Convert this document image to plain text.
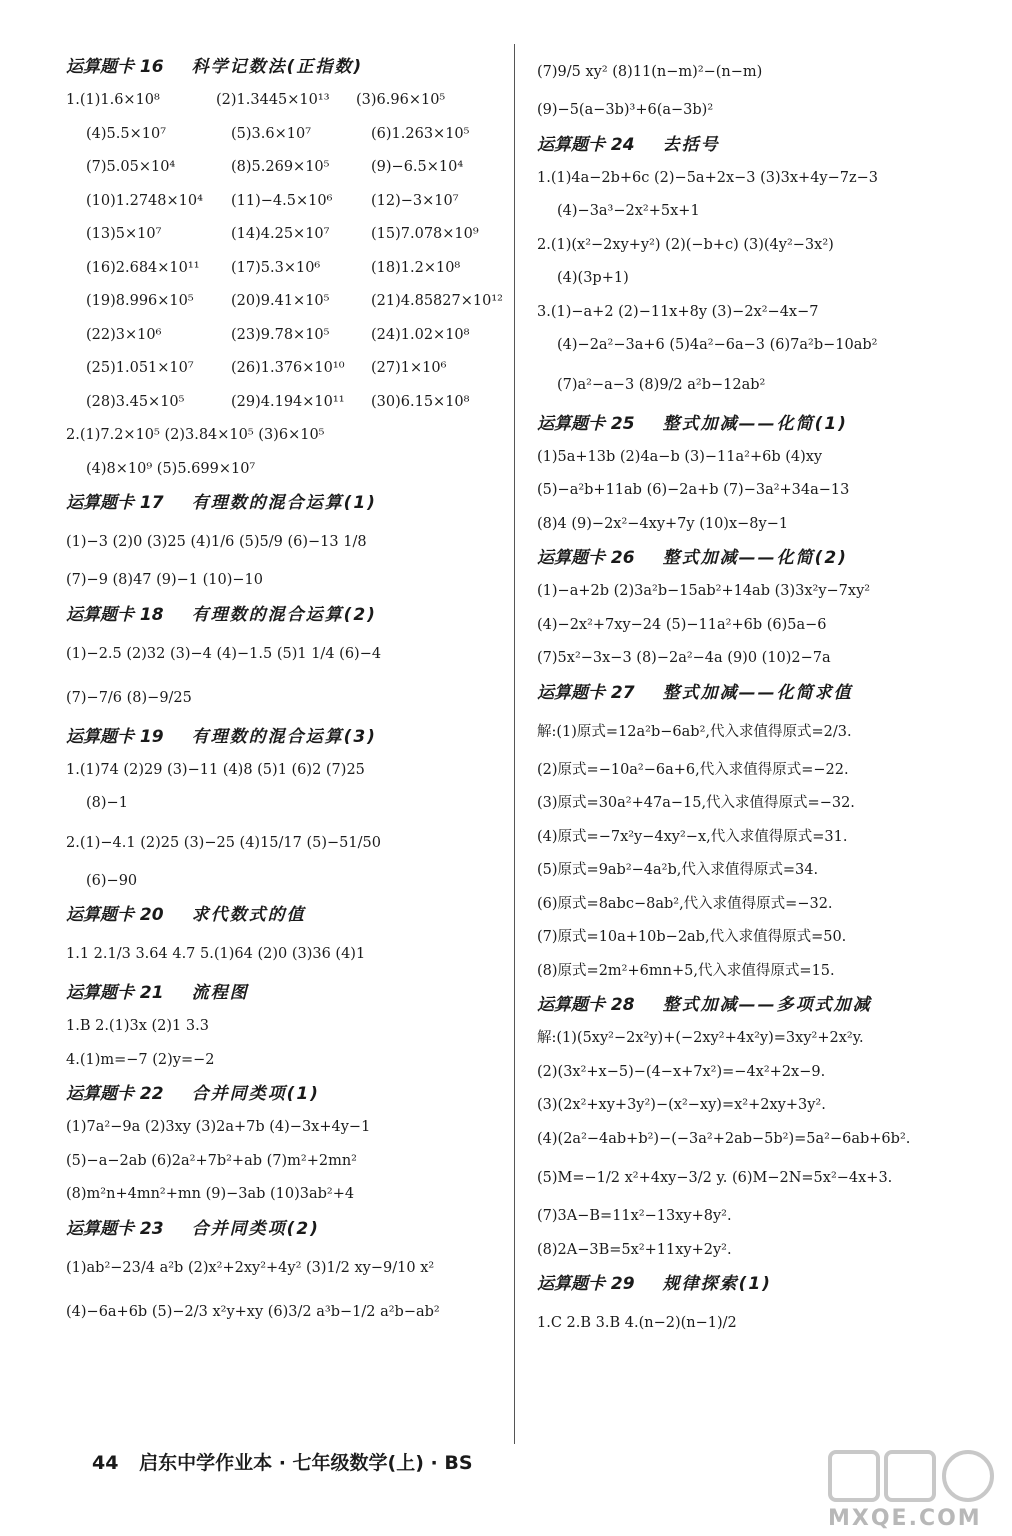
运算题卡 16 科学记数法(正指数)
1.(1)1.6×10⁸	(2)1.3445×10¹³ (3)6.96×10⁵
(4)5.5×10⁷	(5)3.6×10⁷	(6)1.263×10⁵
(7)5.05×10⁴	(8)5.269×10⁵	(9)−6.5×10⁴
(10)1.2748×10⁴ (11)−4.5×10⁶	(12)−3×10⁷
(13)5×10⁷	(14)4.25×10⁷	(15)7.078×10⁹
(16)2.684×10¹¹ (17)5.3×10⁶	(18)1.2×10⁸
(19)8.996×10⁵	(20)9.41×10⁵	(21)4.85827×10¹²
(22)3×10⁶	(23)9.78×10⁵	(24)1.02×10⁸
(25)1.051×10⁷	(26)1.376×10¹⁰ (27)1×10⁶
(28)3.45×10⁵	(29)4.194×10¹¹ (30)6.15×10⁸
2.(1)7.2×10⁵ (2)3.84×10⁵ (3)6×10⁵
(4)8×10⁹ (5)5.699×10⁷
运算题卡 17 有理数的混合运算(1)
(1)−3 (2)0 (3)25 (4)1/6 (5)5/9 (6)−13 1/8
(7)−9 (8)47 (9)−1 (10)−10
运算题卡 18 有理数的混合运算(2)
(1)−2.5 (2)32 (3)−4 (4)−1.5 (5)1 1/4 (6)−4
(7)−7/6 (8)−9/25
运算题卡 19 有理数的混合运算(3)
1.(1)74 (2)29 (3)−11 (4)8 (5)1 (6)2 (7)25
(8)−1
2.(1)−4.1 (2)25 (3)−25 (4)15/17 (5)−51/50
(6)−90
运算题卡 20 求代数式的值
1.1 2.1/3 3.64 4.7 5.(1)64 (2)0 (3)36 (4)1
运算题卡 21 流程图
1.B 2.(1)3x (2)1 3.3
4.(1)m=−7 (2)y=−2
运算题卡 22 合并同类项(1)
(1)7a²−9a (2)3xy (3)2a+7b (4)−3x+4y−1
(5)−a−2ab (6)2a²+7b²+ab (7)m²+2mn²
(8)m²n+4mn²+mn (9)−3ab (10)3ab²+4
运算题卡 23 合并同类项(2)
(1)ab²−23/4 a²b (2)x²+2xy²+4y² (3)1/2 xy−9/10 x²
(4)−6a+6b (5)−2/3 x²y+xy (6)3/2 a³b−1/2 a²b−ab²
(7)9/5 xy² (8)11(n−m)²−(n−m)
(9)−5(a−3b)³+6(a−3b)²
运算题卡 24 去括号
1.(1)4a−2b+6c (2)−5a+2x−3 (3)3x+4y−7z−3
(4)−3a³−2x²+5x+1
2.(1)(x²−2xy+y²) (2)(−b+c) (3)(4y²−3x²)
(4)(3p+1)
3.(1)−a+2 (2)−11x+8y (3)−2x²−4x−7
(4)−2a²−3a+6 (5)4a²−6a−3 (6)7a²b−10ab²
(7)a²−a−3 (8)9/2 a²b−12ab²
运算题卡 25 整式加减——化简(1)
(1)5a+13b (2)4a−b (3)−11a²+6b (4)xy
(5)−a²b+11ab (6)−2a+b (7)−3a²+34a−13
(8)4 (9)−2x²−4xy+7y (10)x−8y−1
运算题卡 26 整式加减——化简(2)
(1)−a+2b (2)3a²b−15ab²+14ab (3)3x²y−7xy²
(4)−2x²+7xy−24 (5)−11a²+6b (6)5a−6
(7)5x²−3x−3 (8)−2a²−4a (9)0 (10)2−7a
运算题卡 27 整式加减——化简求值
解:(1)原式=12a²b−6ab²,代入求值得原式=2/3.
(2)原式=−10a²−6a+6,代入求值得原式=−22.
(3)原式=30a²+47a−15,代入求值得原式=−32.
(4)原式=−7x²y−4xy²−x,代入求值得原式=31.
(5)原式=9ab²−4a²b,代入求值得原式=34.
(6)原式=8abc−8ab²,代入求值得原式=−32.
(7)原式=10a+10b−2ab,代入求值得原式=50.
(8)原式=2m²+6mn+5,代入求值得原式=15.
运算题卡 28 整式加减——多项式加减
解:(1)(5xy²−2x²y)+(−2xy²+4x²y)=3xy²+2x²y.
(2)(3x²+x−5)−(4−x+7x²)=−4x²+2x−9.
(3)(2x²+xy+3y²)−(x²−xy)=x²+2xy+3y².
(4)(2a²−4ab+b²)−(−3a²+2ab−5b²)=5a²−6ab+6b².
(5)M=−1/2 x²+4xy−3/2 y. (6)M−2N=5x²−4x+3.
(7)3A−B=11x²−13xy+8y².
(8)2A−3B=5x²+11xy+2y².
运算题卡 29 规律探索(1)
1.C 2.B 3.B 4.(n−2)(n−1)/2
44 启东中学作业本 · 七年级数学(上) · BS
MXQE.COM
